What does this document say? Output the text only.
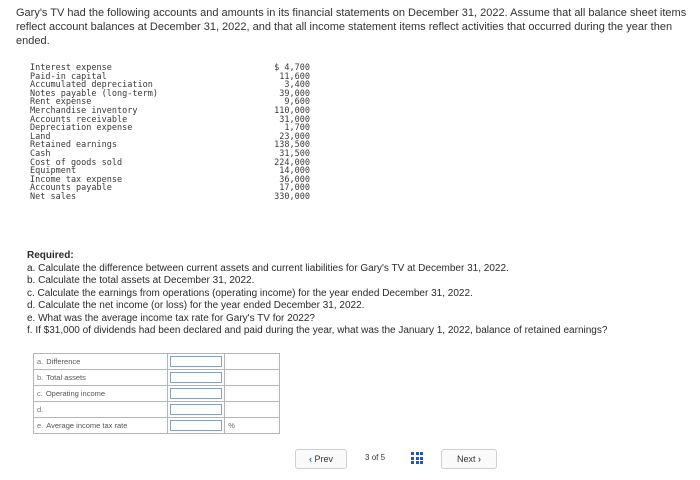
Gary's TV had the following accounts and amounts in its financial statements on December 31, 2022. Assume that all balance sheet items reflect account balances at December 31, 2022, and that all income statement items reflect activities that occurred during the year then ended.
Interest expense	$ 4,700
Paid-in capital	11,600
Accumulated depreciation	3,400
Notes payable (long-term)	39,000
Rent expense	9,600
Merchandise inventory	110,000
Accounts receivable	31,000
Depreciation expense	1,700
Land	23,000
Retained earnings	138,500
Cash	31,500
Cost of goods sold	224,000
Equipment	14,000
Income tax expense	36,000
Accounts payable	17,000
Net sales	330,000
Required:
a. Calculate the difference between current assets and current liabilities for Gary's TV at December 31, 2022.
b. Calculate the total assets at December 31, 2022.
c. Calculate the earnings from operations (operating income) for the year ended December 31, 2022.
d. Calculate the net income (or loss) for the year ended December 31, 2022.
e. What was the average income tax rate for Gary's TV for 2022?
f. If $31,000 of dividends had been declared and paid during the year, what was the January 1, 2022, balance of retained earnings?
a. Difference	

b. Total assets	

c. Operating income	

d.	

e. Average income tax rate		%
‹ Prev	3 of 5	Next ›
